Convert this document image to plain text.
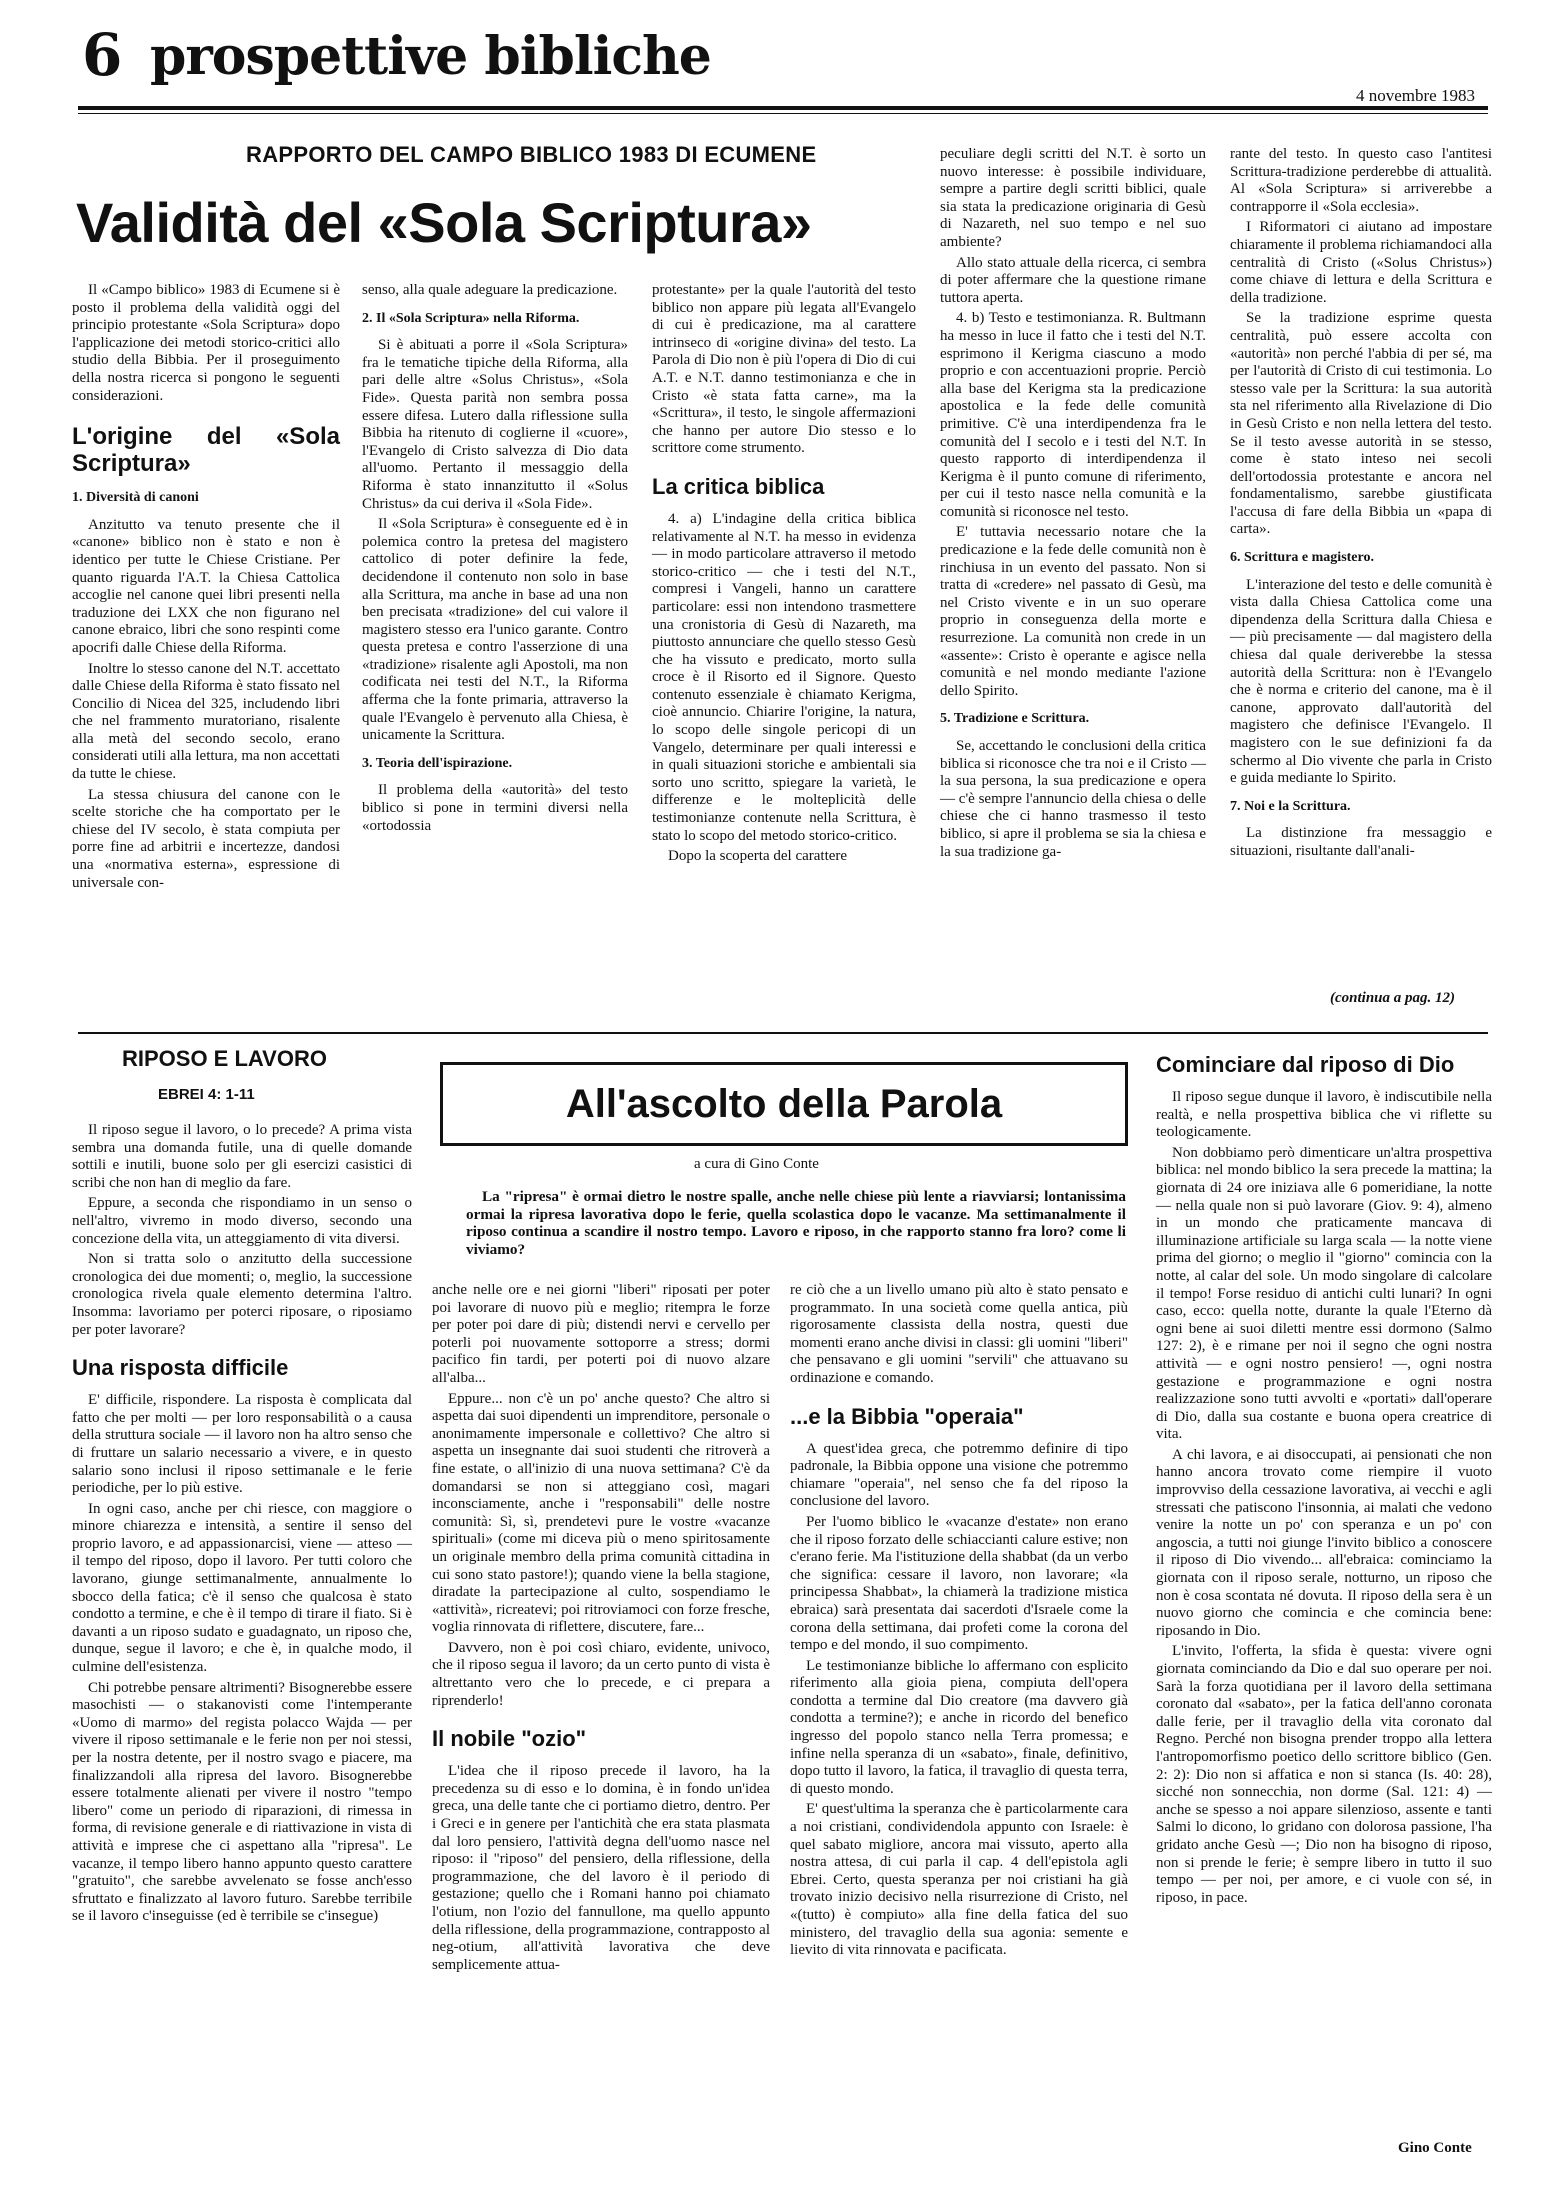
6 prospettive bibliche
4 novembre 1983
RAPPORTO DEL CAMPO BIBLICO 1983 DI ECUMENE
Validità del «Sola Scriptura»

Il «Campo biblico» 1983 di Ecumene si è posto il problema della validità oggi del principio protestante «Sola Scriptura» dopo l'applicazione dei metodi storico-critici allo studio della Bibbia. Per il proseguimento della nostra ricerca si pongono le seguenti considerazioni.

L'origine del «Sola Scriptura»
1. Diversità di canoni

Anzitutto va tenuto presente che il «canone» biblico non è stato e non è identico per tutte le Chiese Cristiane. Per quanto riguarda l'A.T. la Chiesa Cattolica accoglie nel canone quei libri presenti nella traduzione dei LXX che non figurano nel canone ebraico, libri che sono respinti come apocrifi dalle Chiese della Riforma.

Inoltre lo stesso canone del N.T. accettato dalle Chiese della Riforma è stato fissato nel Concilio di Nicea del 325, includendo libri che nel frammento muratoriano, risalente alla metà del secondo secolo, erano considerati utili alla lettura, ma non accettati da tutte le chiese.

La stessa chiusura del canone con le scelte storiche che ha comportato per le chiese del IV secolo, è stata compiuta per porre fine ad arbitrii e incertezze, dandosi una «normativa esterna», espressione di universale con-

senso, alla quale adeguare la predicazione.

2. Il «Sola Scriptura» nella Riforma.

Si è abituati a porre il «Sola Scriptura» fra le tematiche tipiche della Riforma, alla pari delle altre «Solus Christus», «Sola Fide». Questa parità non sembra possa essere difesa. Lutero dalla riflessione sulla Bibbia ha ritenuto di coglierne il «cuore», l'Evangelo di Cristo salvezza di Dio data all'uomo. Pertanto il messaggio della Riforma è stato innanzitutto il «Solus Christus» da cui deriva il «Sola Fide».

Il «Sola Scriptura» è conseguente ed è in polemica contro la pretesa del magistero cattolico di poter definire la fede, decidendone il contenuto non solo in base alla Scrittura, ma anche in base ad una non ben precisata «tradizione» del cui valore il magistero stesso era l'unico garante. Contro questa pretesa e contro l'asserzione di una «tradizione» risalente agli Apostoli, ma non codificata nei testi del N.T., la Riforma afferma che la fonte primaria, attraverso la quale l'Evangelo è pervenuto alla Chiesa, è unicamente la Scrittura.

3. Teoria dell'ispirazione.

Il problema della «autorità» del testo biblico si pone in termini diversi nella «ortodossia

protestante» per la quale l'autorità del testo biblico non appare più legata all'Evangelo di cui è predicazione, ma al carattere intrinseco di «origine divina» del testo. La Parola di Dio non è più l'opera di Dio di cui A.T. e N.T. danno testimonianza e che in Cristo «è stata fatta carne», ma la «Scrittura», il testo, le singole affermazioni che hanno per autore Dio stesso e lo scrittore come strumento.

La critica biblica

4. a) L'indagine della critica biblica relativamente al N.T. ha messo in evidenza — in modo particolare attraverso il metodo storico-critico — che i testi del N.T., compresi i Vangeli, hanno un carattere particolare: essi non intendono trasmettere una cronistoria di Gesù di Nazareth, ma piuttosto annunciare che quello stesso Gesù che ha vissuto e predicato, morto sulla croce è il Risorto ed il Signore. Questo contenuto essenziale è chiamato Kerigma, cioè annuncio. Chiarire l'origine, la natura, lo scopo delle singole pericopi di un Vangelo, determinare per quali interessi e in quali situazioni storiche e ambientali sia sorto uno scritto, spiegare la varietà, le differenze e le molteplicità delle testimonianze contenute nella Scrittura, è stato lo scopo del metodo storico-critico.

Dopo la scoperta del carattere

peculiare degli scritti del N.T. è sorto un nuovo interesse: è possibile individuare, sempre a partire degli scritti biblici, quale sia stata la predicazione originaria di Gesù di Nazareth, nel suo tempo e nel suo ambiente?

Allo stato attuale della ricerca, ci sembra di poter affermare che la questione rimane tuttora aperta.

4. b) Testo e testimonianza. R. Bultmann ha messo in luce il fatto che i testi del N.T. esprimono il Kerigma ciascuno a modo proprio e con accentuazioni proprie. Perciò alla base del Kerigma sta la predicazione apostolica e la fede delle comunità primitive. C'è una interdipendenza fra le comunità del I secolo e i testi del N.T. In questo rapporto di interdipendenza il Kerigma è il punto comune di riferimento, per cui il testo nasce nella comunità e la comunità si riconosce nel testo.

E' tuttavia necessario notare che la predicazione e la fede delle comunità non è rinchiusa in un evento del passato. Non si tratta di «credere» nel passato di Gesù, ma nel Cristo vivente e in un suo operare proprio in conseguenza della morte e resurrezione. La comunità non crede in un «assente»: Cristo è operante e agisce nella comunità e nel mondo mediante l'azione dello Spirito.

5. Tradizione e Scrittura.

Se, accettando le conclusioni della critica biblica si riconosce che tra noi e il Cristo — la sua persona, la sua predicazione e opera — c'è sempre l'annuncio della chiesa o delle chiese che ci hanno trasmesso il testo biblico, si apre il problema se sia la chiesa e la sua tradizione ga-

rante del testo. In questo caso l'antitesi Scrittura-tradizione perderebbe di attualità. Al «Sola Scriptura» si arriverebbe a contrapporre il «Sola ecclesia».

I Riformatori ci aiutano ad impostare chiaramente il problema richiamandoci alla centralità di Cristo («Solus Christus») come chiave di lettura e della Scrittura e della tradizione.

Se la tradizione esprime questa centralità, può essere accolta con «autorità» non perché l'abbia di per sé, ma per l'autorità di Cristo di cui testimonia. Lo stesso vale per la Scrittura: la sua autorità sta nel riferimento alla Rivelazione di Dio in Gesù Cristo e non nella lettera del testo. Se il testo avesse autorità in se stesso, come è stato inteso nei secoli dell'ortodossia protestante e ancora nel fondamentalismo, sarebbe giustificata l'accusa di fare della Bibbia un «papa di carta».

6. Scrittura e magistero.

L'interazione del testo e delle comunità è vista dalla Chiesa Cattolica come una dipendenza della Scrittura dalla Chiesa e — più precisamente — dal magistero della chiesa dal quale deriverebbe la stessa autorità della Scrittura: non è l'Evangelo che è norma e criterio del canone, ma è il canone, approvato dall'autorità del magistero che definisce l'Evangelo. Il magistero con le sue definizioni fa da schermo al Dio vivente che parla in Cristo e guida mediante lo Spirito.

7. Noi e la Scrittura.

La distinzione fra messaggio e situazioni, risultante dall'anali-

(continua a pag. 12)
RIPOSO E LAVORO
EBREI 4: 1-11	All'ascolto della Parola
a cura di Gino Conte
La "ripresa" è ormai dietro le nostre spalle, anche nelle chiese più lente a riavviarsi; lontanissima ormai la ripresa lavorativa dopo le ferie, quella scolastica dopo le vacanze. Ma settimanalmente il riposo continua a scandire il nostro tempo. Lavoro e riposo, in che rapporto stanno fra loro? come li viviamo?

Il riposo segue il lavoro, o lo precede? A prima vista sembra una domanda futile, una di quelle domande sottili e inutili, buone solo per gli esercizi casistici di scribi che non han di meglio da fare.

Eppure, a seconda che rispondiamo in un senso o nell'altro, vivremo in modo diverso, secondo una concezione della vita, un atteggiamento di vita diversi.

Non si tratta solo o anzitutto della successione cronologica dei due momenti; o, meglio, la successione cronologica rivela quale elemento determina l'altro. Insomma: lavoriamo per poterci riposare, o riposiamo per poter lavorare?

Una risposta difficile

E' difficile, rispondere. La risposta è complicata dal fatto che per molti — per loro responsabilità o a causa della struttura sociale — il lavoro non ha altro senso che di fruttare un salario necessario a vivere, e in questo salario sono inclusi il riposo settimanale e le ferie periodiche, per lo più estive.

In ogni caso, anche per chi riesce, con maggiore o minore chiarezza e intensità, a sentire il senso del proprio lavoro, e ad appassionarcisi, viene — atteso — il tempo del riposo, dopo il lavoro. Per tutti coloro che lavorano, giunge settimanalmente, annualmente lo sbocco della fatica; c'è il senso che qualcosa è stato condotto a termine, e che è il tempo di tirare il fiato. Si è davanti a un riposo sudato e guadagnato, un riposo che, dunque, segue il lavoro; e che è, in qualche modo, il culmine dell'esistenza.

Chi potrebbe pensare altrimenti? Bisognerebbe essere masochisti — o stakanovisti come l'intemperante «Uomo di marmo» del regista polacco Wajda — per vivere il riposo settimanale e le ferie non per noi stessi, per la nostra detente, per il nostro svago e piacere, ma finalizzandoli alla ripresa del lavoro. Bisognerebbe essere totalmente alienati per vivere il nostro "tempo libero" come un periodo di riparazioni, di rimessa in forma, di revisione generale e di riattivazione in vista di attività e imprese che ci aspettano alla "ripresa". Le vacanze, il tempo libero hanno appunto questo carattere "gratuito", che sarebbe avvelenato se fosse anch'esso sfruttato e finalizzato al lavoro futuro. Sarebbe terribile se il lavoro c'inseguisse (ed è terribile se c'insegue)

anche nelle ore e nei giorni "liberi" riposati per poter poi lavorare di nuovo più e meglio; ritempra le forze per poter poi dare di più; distendi nervi e cervello per poterli poi nuovamente sottoporre a stress; dormi pacifico fin tardi, per poterti poi di nuovo alzare all'alba...

Eppure... non c'è un po' anche questo? Che altro si aspetta dai suoi dipendenti un imprenditore, personale o anonimamente impersonale e collettivo? Che altro si aspetta un insegnante dai suoi studenti che ritroverà a fine estate, o all'inizio di una nuova settimana? C'è da domandarsi se non si atteggiano così, magari inconsciamente, anche i "responsabili" delle nostre comunità: Sì, sì, prendetevi pure le vostre «vacanze spirituali» (come mi diceva più o meno spiritosamente un originale membro della prima comunità cittadina in cui sono stato pastore!); quando viene la bella stagione, diradate la partecipazione al culto, sospendiamo le «attività», ricreatevi; poi ritroviamoci con forze fresche, voglia rinnovata di riflettere, discutere, fare...

Davvero, non è poi così chiaro, evidente, univoco, che il riposo segua il lavoro; da un certo punto di vista è altrettanto vero che lo precede, e ci prepara a riprenderlo!

Il nobile "ozio"

L'idea che il riposo precede il lavoro, ha la precedenza su di esso e lo domina, è in fondo un'idea greca, una delle tante che ci portiamo dietro, dentro. Per i Greci e in genere per l'antichità che era stata plasmata dal loro pensiero, l'attività degna dell'uomo nasce nel riposo: il "riposo" del pensiero, della riflessione, della programmazione, che del lavoro è il periodo di gestazione; quello che i Romani hanno poi chiamato l'otium, non l'ozio del fannullone, ma quello appunto della riflessione, della programmazione, contrapposto al neg-otium, all'attività lavorativa che deve semplicemente attua-

re ciò che a un livello umano più alto è stato pensato e programmato. In una società come quella antica, più rigorosamente classista della nostra, questi due momenti erano anche divisi in classi: gli uomini "liberi" che pensavano e gli uomini "servili" che attuavano su ordinazione e comando.

...e la Bibbia "operaia"

A quest'idea greca, che potremmo definire di tipo padronale, la Bibbia oppone una visione che potremmo chiamare "operaia", nel senso che fa del riposo la conclusione del lavoro.

Per l'uomo biblico le «vacanze d'estate» non erano che il riposo forzato delle schiaccianti calure estive; non c'erano ferie. Ma l'istituzione della shabbat (da un verbo che significa: cessare il lavoro, non lavorare; «la principessa Shabbat», la chiamerà la tradizione mistica ebraica) sarà presentata dai sacerdoti d'Israele come la corona della settimana, dai profeti come la corona del tempo e del mondo, il suo compimento.

Le testimonianze bibliche lo affermano con esplicito riferimento alla gioia piena, compiuta dell'opera condotta a termine dal Dio creatore (ma davvero già condotta a termine?); e anche in ricordo del benefico ingresso del popolo stanco nella Terra promessa; e infine nella speranza di un «sabato», finale, definitivo, dopo tutto il lavoro, la fatica, il travaglio di questa terra, di questo mondo.

E' quest'ultima la speranza che è particolarmente cara a noi cristiani, condividendola appunto con Israele: è quel sabato migliore, ancora mai vissuto, aperto alla nostra attesa, di cui parla il cap. 4 dell'epistola agli Ebrei. Certo, questa speranza per noi cristiani ha già trovato inizio decisivo nella risurrezione di Cristo, nel «(tutto) è compiuto» alla fine della fatica del suo ministero, del travaglio della sua agonia: semente e lievito di vita rinnovata e pacificata.

Cominciare dal riposo di Dio

Il riposo segue dunque il lavoro, è indiscutibile nella realtà, e nella prospettiva biblica che vi riflette su teologicamente.

Non dobbiamo però dimenticare un'altra prospettiva biblica: nel mondo biblico la sera precede la mattina; la giornata di 24 ore iniziava alle 6 pomeridiane, la notte — nella quale non si può lavorare (Giov. 9: 4), almeno in un mondo che praticamente mancava di illuminazione artificiale su larga scala — la notte viene prima del giorno; o meglio il "giorno" comincia con la notte, al calar del sole. Un modo singolare di calcolare il tempo! Forse residuo di antichi culti lunari? In ogni caso, ecco: quella notte, durante la quale l'Eterno dà ogni bene ai suoi diletti mentre essi dormono (Salmo 127: 2), è e rimane per noi il segno che ogni nostra attività — e ogni nostro pensiero! —, ogni nostra gestazione e programmazione e ogni nostra realizzazione sono tutti avvolti e «portati» dall'operare di Dio, dalla sua costante e buona opera creatrice di vita.

A chi lavora, e ai disoccupati, ai pensionati che non hanno ancora trovato come riempire il vuoto improvviso della cessazione lavorativa, ai vecchi e agli stressati che patiscono l'insonnia, ai malati che vedono venire la notte un po' con speranza e un po' con angoscia, a tutti noi giunge l'invito biblico a conoscere il riposo di Dio vivendo... all'ebraica: cominciamo la giornata con il riposo serale, notturno, un riposo che non è cosa scontata né dovuta. Il riposo della sera è un nuovo giorno che comincia e che comincia bene: riposando in Dio.

L'invito, l'offerta, la sfida è questa: vivere ogni giornata cominciando da Dio e dal suo operare per noi. Sarà la forza quotidiana per il lavoro della settimana coronato dal «sabato», per la fatica dell'anno coronata dalle ferie, per il travaglio della vita coronato dal Regno. Perché non bisogna prender troppo alla lettera l'antropomorfismo poetico dello scrittore biblico (Gen. 2: 2): Dio non si affatica e non si stanca (Is. 40: 28), sicché non sonnecchia, non dorme (Sal. 121: 4) — anche se spesso a noi appare silenzioso, assente e tanti Salmi lo dicono, lo gridano con dolorosa passione, l'ha gridato anche Gesù —; Dio non ha bisogno di riposo, non si prende le ferie; è sempre libero in tutto il suo tempo — per noi, per amore, e ci vuole con sé, in riposo, in pace.

Gino Conte
